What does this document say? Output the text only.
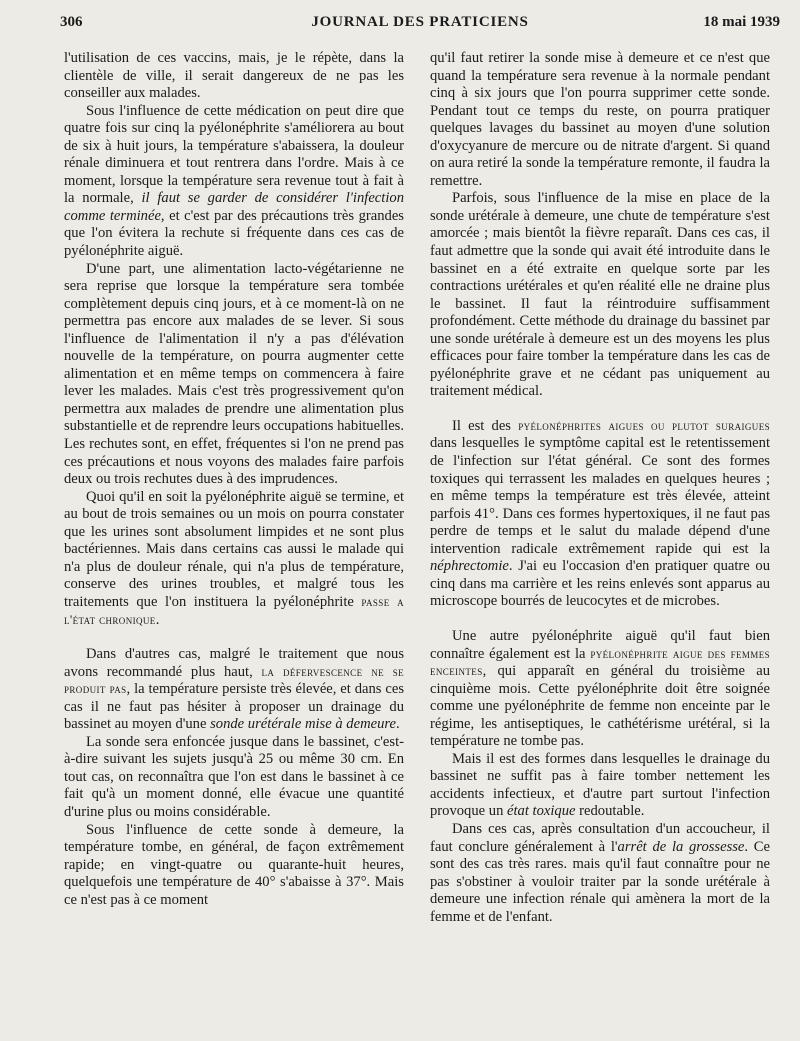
306	JOURNAL DES PRATICIENS	18 mai 1939

l'utilisation de ces vaccins, mais, je le répète, dans la clientèle de ville, il serait dangereux de ne pas les conseiller aux malades.

Sous l'influence de cette médication on peut dire que quatre fois sur cinq la pyélonéphrite s'améliorera au bout de six à huit jours, la température s'abaissera, la douleur rénale diminuera et tout rentrera dans l'ordre. Mais à ce moment, lorsque la température sera revenue tout à fait à la normale, il faut se garder de considérer l'infection comme terminée, et c'est par des précautions très grandes que l'on évitera la rechute si fréquente dans ces cas de pyélonéphrite aiguë.

D'une part, une alimentation lacto-végétarienne ne sera reprise que lorsque la température sera tombée complètement depuis cinq jours, et à ce moment-là on ne permettra pas encore aux malades de se lever. Si sous l'influence de l'alimentation il n'y a pas d'élévation nouvelle de la température, on pourra augmenter cette alimentation et en même temps on commencera à faire lever les malades. Mais c'est très progressivement qu'on permettra aux malades de prendre une alimentation plus substantielle et de reprendre leurs occupations habituelles. Les rechutes sont, en effet, fréquentes si l'on ne prend pas ces précautions et nous voyons des malades faire parfois deux ou trois rechutes dues à des imprudences.

Quoi qu'il en soit la pyélonéphrite aiguë se termine, et au bout de trois semaines ou un mois on pourra constater que les urines sont absolument limpides et ne sont plus bactériennes. Mais dans certains cas aussi le malade qui n'a plus de douleur rénale, qui n'a plus de température, conserve des urines troubles, et malgré tous les traitements que l'on instituera la pyélonéphrite passe a l'état chronique.

Dans d'autres cas, malgré le traitement que nous avons recommandé plus haut, la défervescence ne se produit pas, la température persiste très élevée, et dans ces cas il ne faut pas hésiter à proposer un drainage du bassinet au moyen d'une sonde urétérale mise à demeure.

La sonde sera enfoncée jusque dans le bassinet, c'est-à-dire suivant les sujets jusqu'à 25 ou même 30 cm. En tout cas, on reconnaîtra que l'on est dans le bassinet à ce fait qu'à un moment donné, elle évacue une quantité d'urine plus ou moins considérable.

Sous l'influence de cette sonde à demeure, la température tombe, en général, de façon extrêmement rapide; en vingt-quatre ou quarante-huit heures, quelquefois une température de 40° s'abaisse à 37°. Mais ce n'est pas à ce moment

qu'il faut retirer la sonde mise à demeure et ce n'est que quand la température sera revenue à la normale pendant cinq à six jours que l'on pourra supprimer cette sonde. Pendant tout ce temps du reste, on pourra pratiquer quelques lavages du bassinet au moyen d'une solution d'oxycyanure de mercure ou de nitrate d'argent. Si quand on aura retiré la sonde la température remonte, il faudra la remettre.

Parfois, sous l'influence de la mise en place de la sonde urétérale à demeure, une chute de température s'est amorcée ; mais bientôt la fièvre reparaît. Dans ces cas, il faut admettre que la sonde qui avait été introduite dans le bassinet en a été extraite en quelque sorte par les contractions urétérales et qu'en réalité elle ne draine plus le bassinet. Il faut la réintroduire suffisamment profondément. Cette méthode du drainage du bassinet par une sonde urétérale à demeure est un des moyens les plus efficaces pour faire tomber la température dans les cas de pyélonéphrite grave et ne cédant pas uniquement au traitement médical.

Il est des pyélonéphrites aigues ou plutot suraigues dans lesquelles le symptôme capital est le retentissement de l'infection sur l'état général. Ce sont des formes toxiques qui terrassent les malades en quelques heures ; en même temps la température est très élevée, atteint parfois 41°. Dans ces formes hypertoxiques, il ne faut pas perdre de temps et le salut du malade dépend d'une intervention radicale extrêmement rapide qui est la néphrectomie. J'ai eu l'occasion d'en pratiquer quatre ou cinq dans ma carrière et les reins enlevés sont apparus au microscope bourrés de leucocytes et de microbes.

Une autre pyélonéphrite aiguë qu'il faut bien connaître également est la pyélonéphrite aigue des femmes enceintes, qui apparaît en général du troisième au cinquième mois. Cette pyélonéphrite doit être soignée comme une pyélonéphrite de femme non enceinte par le régime, les antiseptiques, le cathétérisme urétéral, si la température ne tombe pas.

Mais il est des formes dans lesquelles le drainage du bassinet ne suffit pas à faire tomber nettement les accidents infectieux, et d'autre part surtout l'infection provoque un état toxique redoutable.

Dans ces cas, après consultation d'un accoucheur, il faut conclure généralement à l'arrêt de la grossesse. Ce sont des cas très rares. mais qu'il faut connaître pour ne pas s'obstiner à vouloir traiter par la sonde urétérale à demeure une infection rénale qui amènera la mort de la femme et de l'enfant.
